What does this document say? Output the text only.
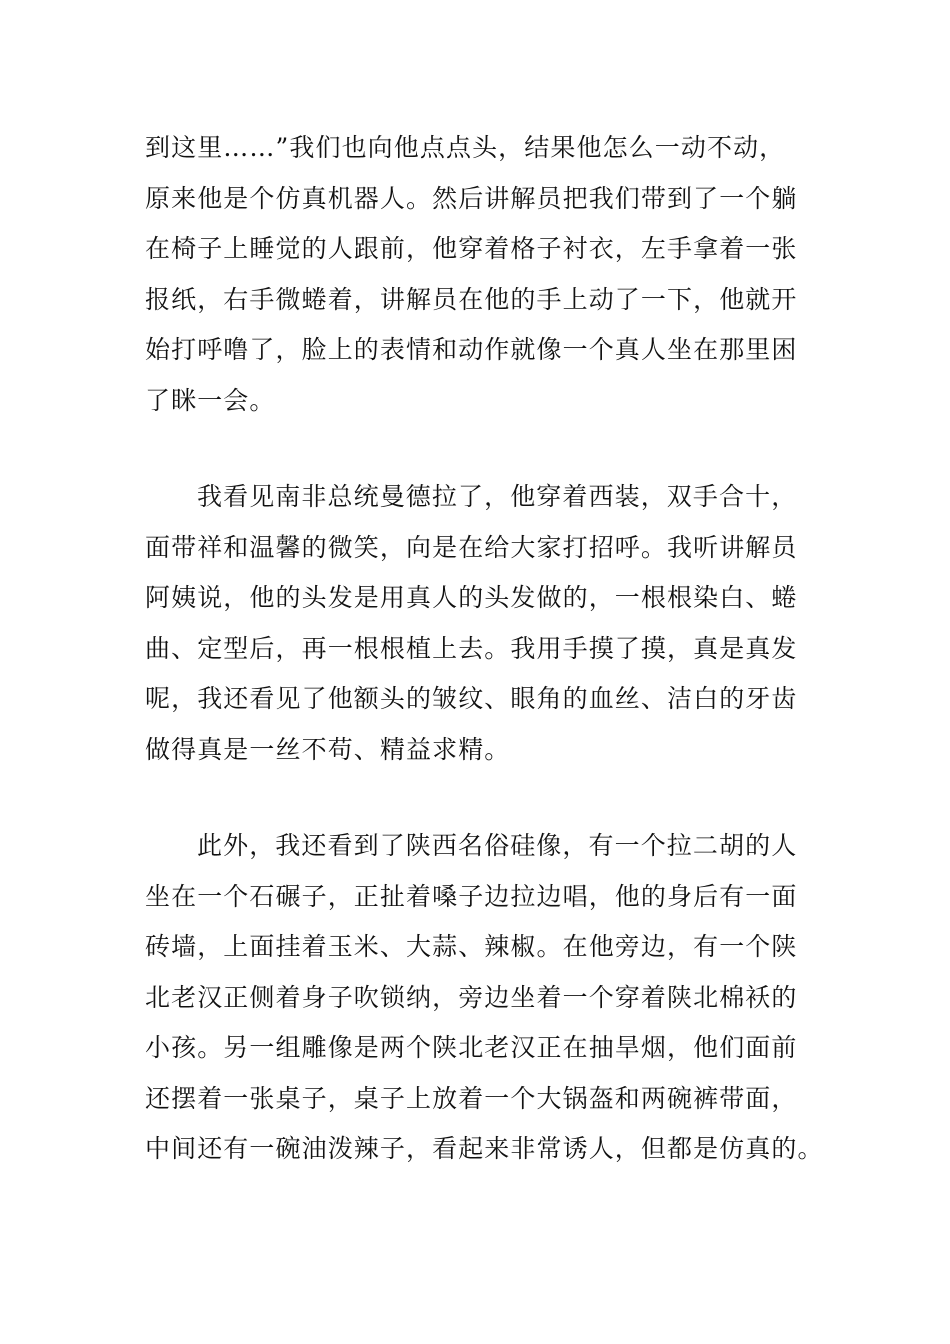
到这里……”我们也向他点点头，结果他怎么一动不动，
原来他是个仿真机器人。然后讲解员把我们带到了一个躺
在椅子上睡觉的人跟前，他穿着格子衬衣，左手拿着一张
报纸，右手微蜷着，讲解员在他的手上动了一下，他就开
始打呼噜了，脸上的表情和动作就像一个真人坐在那里困
了眯一会。
我看见南非总统曼德拉了，他穿着西装，双手合十，
面带祥和温馨的微笑，向是在给大家打招呼。我听讲解员
阿姨说，他的头发是用真人的头发做的，一根根染白、蜷
曲、定型后，再一根根植上去。我用手摸了摸，真是真发
呢，我还看见了他额头的皱纹、眼角的血丝、洁白的牙齿
做得真是一丝不苟、精益求精。
此外，我还看到了陕西名俗硅像，有一个拉二胡的人
坐在一个石碾子，正扯着嗓子边拉边唱，他的身后有一面
砖墙，上面挂着玉米、大蒜、辣椒。在他旁边，有一个陕
北老汉正侧着身子吹锁纳，旁边坐着一个穿着陕北棉袄的
小孩。另一组雕像是两个陕北老汉正在抽旱烟，他们面前
还摆着一张桌子，桌子上放着一个大锅盔和两碗裤带面，
中间还有一碗油泼辣子，看起来非常诱人，但都是仿真的。
